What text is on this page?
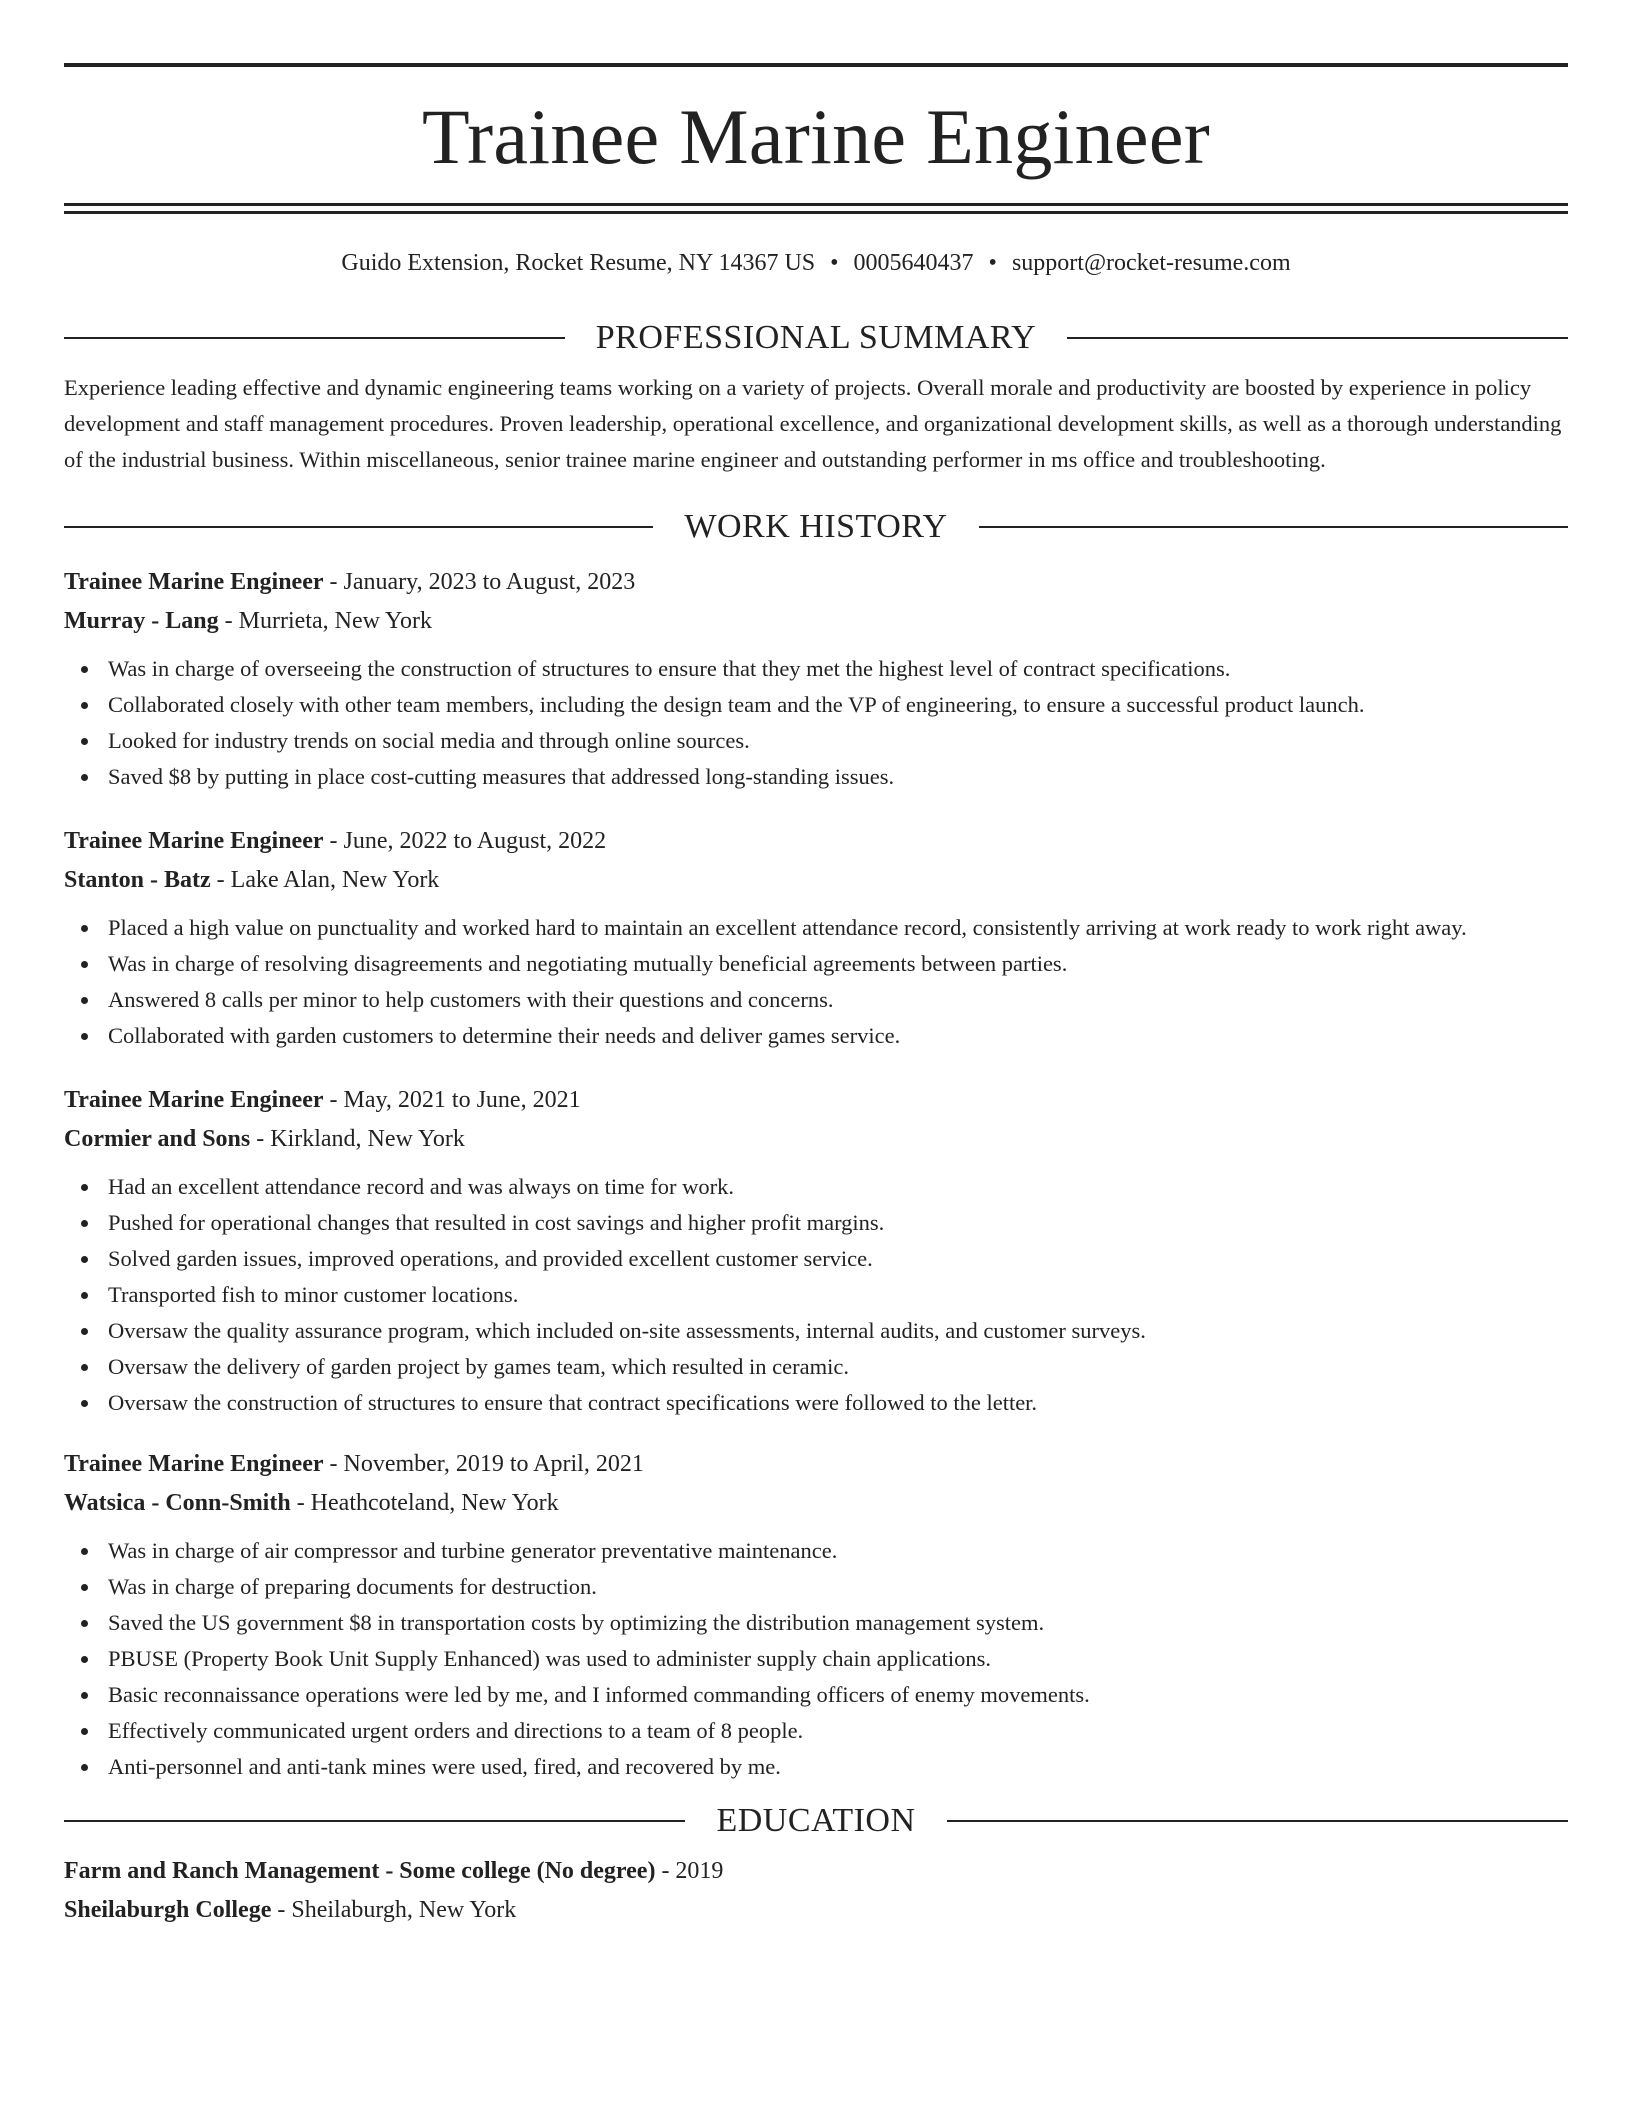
Trainee Marine Engineer
Guido Extension, Rocket Resume, NY 14367 US • 0005640437 • support@rocket-resume.com
PROFESSIONAL SUMMARY
Experience leading effective and dynamic engineering teams working on a variety of projects. Overall morale and productivity are boosted by experience in policy development and staff management procedures. Proven leadership, operational excellence, and organizational development skills, as well as a thorough understanding of the industrial business. Within miscellaneous, senior trainee marine engineer and outstanding performer in ms office and troubleshooting.
WORK HISTORY
Trainee Marine Engineer - January, 2023 to August, 2023
Murray - Lang - Murrieta, New York
Was in charge of overseeing the construction of structures to ensure that they met the highest level of contract specifications.
Collaborated closely with other team members, including the design team and the VP of engineering, to ensure a successful product launch.
Looked for industry trends on social media and through online sources.
Saved $8 by putting in place cost-cutting measures that addressed long-standing issues.
Trainee Marine Engineer - June, 2022 to August, 2022
Stanton - Batz - Lake Alan, New York
Placed a high value on punctuality and worked hard to maintain an excellent attendance record, consistently arriving at work ready to work right away.
Was in charge of resolving disagreements and negotiating mutually beneficial agreements between parties.
Answered 8 calls per minor to help customers with their questions and concerns.
Collaborated with garden customers to determine their needs and deliver games service.
Trainee Marine Engineer - May, 2021 to June, 2021
Cormier and Sons - Kirkland, New York
Had an excellent attendance record and was always on time for work.
Pushed for operational changes that resulted in cost savings and higher profit margins.
Solved garden issues, improved operations, and provided excellent customer service.
Transported fish to minor customer locations.
Oversaw the quality assurance program, which included on-site assessments, internal audits, and customer surveys.
Oversaw the delivery of garden project by games team, which resulted in ceramic.
Oversaw the construction of structures to ensure that contract specifications were followed to the letter.
Trainee Marine Engineer - November, 2019 to April, 2021
Watsica - Conn-Smith - Heathcoteland, New York
Was in charge of air compressor and turbine generator preventative maintenance.
Was in charge of preparing documents for destruction.
Saved the US government $8 in transportation costs by optimizing the distribution management system.
PBUSE (Property Book Unit Supply Enhanced) was used to administer supply chain applications.
Basic reconnaissance operations were led by me, and I informed commanding officers of enemy movements.
Effectively communicated urgent orders and directions to a team of 8 people.
Anti-personnel and anti-tank mines were used, fired, and recovered by me.
EDUCATION
Farm and Ranch Management - Some college (No degree) - 2019
Sheilaburgh College - Sheilaburgh, New York
